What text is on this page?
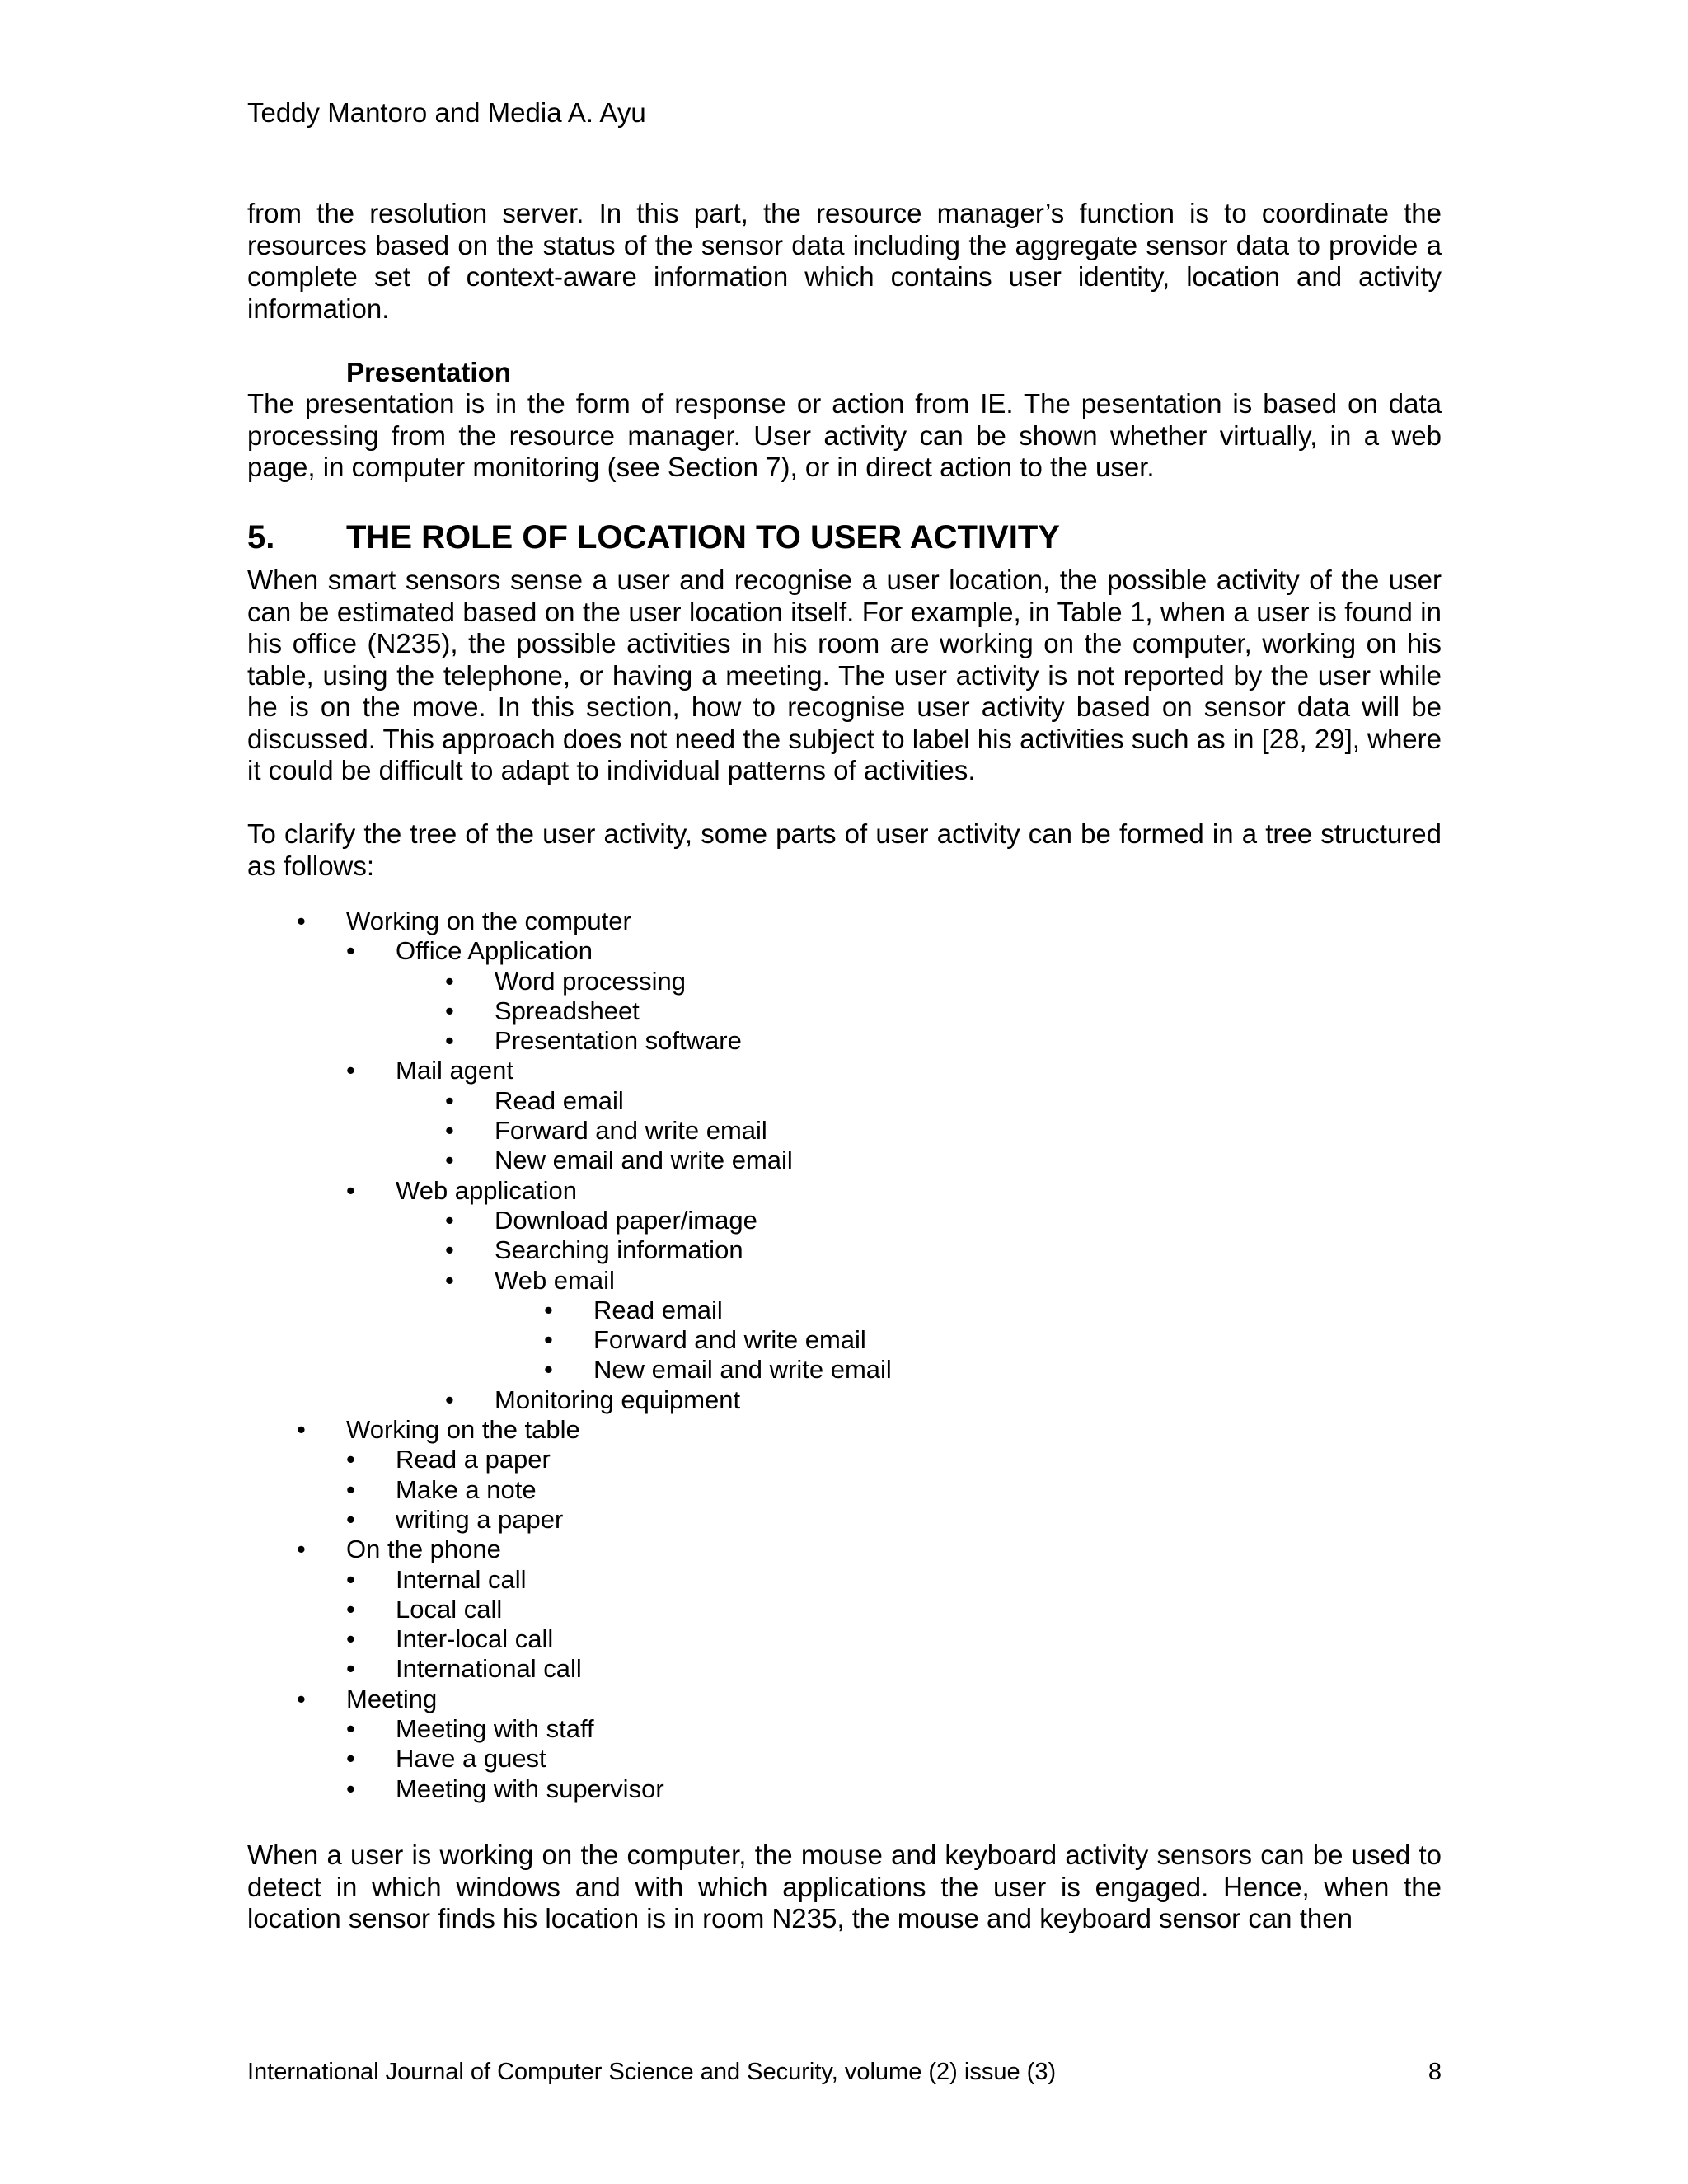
Teddy Mantoro and Media A. Ayu
from the resolution server. In this part, the resource manager’s function is to coordinate the resources based on the status of the sensor data including the aggregate sensor data to provide a complete set of context-aware information which contains user identity, location and activity information.
Presentation
The presentation is in the form of response or action from IE. The pesentation is based on data processing from the resource manager. User activity can be shown whether virtually, in a web page, in computer monitoring (see Section 7), or in direct action to the user.
5. THE ROLE OF LOCATION TO USER ACTIVITY
When smart sensors sense a user and recognise a user location, the possible activity of the user can be estimated based on the user location itself. For example, in Table 1, when a user is found in his office (N235), the possible activities in his room are working on the computer, working on his table, using the telephone, or having a meeting. The user activity is not reported by the user while he is on the move. In this section, how to recognise user activity based on sensor data will be discussed. This approach does not need the subject to label his activities such as in [28, 29], where it could be difficult to adapt to individual patterns of activities.
To clarify the tree of the user activity, some parts of user activity can be formed in a tree structured as follows:
• Working on the computer
• Office Application
• Word processing
• Spreadsheet
• Presentation software
• Mail agent
• Read email
• Forward and write email
• New email and write email
• Web application
• Download paper/image
• Searching information
• Web email
• Read email
• Forward and write email
• New email and write email
• Monitoring equipment
• Working on the table
• Read a paper
• Make a note
• writing a paper
• On the phone
• Internal call
• Local call
• Inter-local call
• International call
• Meeting
• Meeting with staff
• Have a guest
• Meeting with supervisor
When a user is working on the computer, the mouse and keyboard activity sensors can be used to detect in which windows and with which applications the user is engaged. Hence, when the location sensor finds his location is in room N235, the mouse and keyboard sensor can then
International Journal of Computer Science and Security, volume (2) issue (3)	8
